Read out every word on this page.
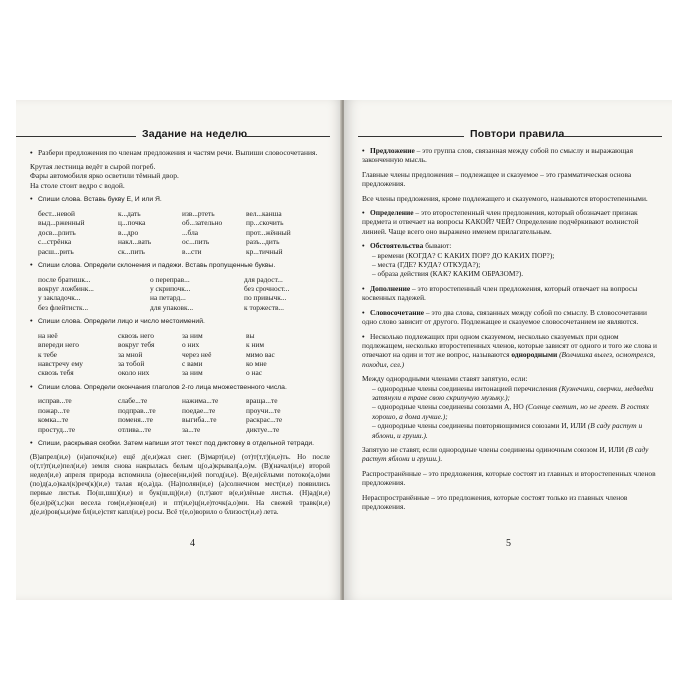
Задание на неделю
• Разбери предложения по членам предложения и частям речи. Выпиши словосочетания.
Крутая лестница ведёт в сырой погреб.
Фары автомобиля ярко осветили тёмный двор.
На столе стоит ведро с водой.
• Спиши слова. Вставь букву Е, И или Я.
бест...невой	к...дать	изв...ртеть	вел...канша
выд...рженный	ц...почка	об...зательно	пр...скочить
досв...рлить	в...дро	...бла	прот...жённый
с...стрёнка	накл...вать	ос...пить	разъ...дить
расш...рить	ск...пить	в...сти	кр...тичный
• Спиши слова. Определи склонения и падежи. Вставь пропущенные буквы.
после братишк...	о переправ...	для радост...
вокруг ложбинк...	у скрипочк...	без срочност...
у закладочк...	на петард...	по привычк...
без флейтистк...	для упаковк...	к торжеств...
• Спиши слова. Определи лицо и число местоимений.
на неё	сквозь него	за ним	вы
впереди него	вокруг тебя	о них	к ним
к тебе	за мной	через неё	мимо вас
навстречу ему	за тобой	с вами	ко мне
сквозь тебя	около них	за ним	о нас
• Спиши слова. Определи окончания глаголов 2-го лица множественного числа.
исправ...те	слабе...те	нажима...те	враща...те
пожар...те	подправ...те	поедае...те	проучи...те
комка...те	поменя...те	выгиба...те	раскрас...те
простуд...те	отлива...те	за...те	диктуе...те
• Спиши, раскрывая скобки. Затем напиши этот текст под диктовку в отдельной тетради.
(В)апрел(и,е) (н)апочк(и,е) ещё д(е,и)жал снег. (В)март(и,е) (от)т(т,т)(и,е)ть. Но после о(т,т)т(и,е)пел(и,е) земля снова накрылась белым ц(о,а)крывал(а,о)м. (В)(начал(и,е) второй недел(и,е) апреля природа вспомнила (о)весе(нн,н)ей погод(и,е). В(е,и)сёлыми потоко(а,о)ми (по)д(а,о)кал(к)реч(к)(и,е) талая в(о,а)да. (На)полян(и,е) (а)солнечном мест(и,е) появились первые листья. По(ш,шш)(и,е) и бук(ш,щ)(и,е) (п,т)ают в(е,и)лёные листья. (Н)ад(и,е) б(е,и)рё(з,с)ки весела гом(и,е)нов(е,и) и пт(и,е)ц(и,е)точк(а,о)ми. На свежей травк(и,е) д(е,и)ров(ы,и)ме бл(и,е)стят капл(и,е) росы. Всё т(е,о)ворило о близост(и,е) лета.
4
Повтори правила

• Предложение – это группа слов, связанная между собой по смыслу и выражающая законченную мысль.

Главные члены предложения – подлежащее и сказуемое – это грамматическая основа предложения.

Все члены предложения, кроме подлежащего и сказуемого, называются второстепенными.

• Определение – это второстепенный член предложения, который обозначает признак предмета и отвечает на вопросы КАКОЙ? ЧЕЙ? Определение подчёркивают волнистой линией. Чаще всего оно выражено именем прилагательным.

• Обстоятельства бывают:

– времени (КОГДА? С КАКИХ ПОР? ДО КАКИХ ПОР?);
– места (ГДЕ? КУДА? ОТКУДА?);
– образа действия (КАК? КАКИМ ОБРАЗОМ?).

• Дополнение – это второстепенный член предложения, который отвечает на вопросы косвенных падежей.

• Словосочетание – это два слова, связанных между собой по смыслу. В словосочетании одно слово зависит от другого. Подлежащее и сказуемое словосочетанием не являются.

• Несколько подлежащих при одном сказуемом, несколько сказуемых при одном подлежащем, несколько второстепенных членов, которые зависят от одного и того же слова и отвечают на один и тот же вопрос, называются однородными (Волчишка вылез, осмотрелся, походил, сел.)

Между однородными членами ставят запятую, если:

– однородные члены соединены интонацией перечисления (Кузнечики, сверчки, медведки затянули в траве свою скрипучую музыку.);
– однородные члены соединены союзами А, НО (Солнце светит, но не греет. В гостях хорошо, а дома лучше.);
– однородные члены соединены повторяющимися союзами И, ИЛИ (В саду растут и яблони, и груши.).

Запятую не ставят, если однородные члены соединены одиночным союзом И, ИЛИ (В саду растут яблони и груши.).

Распространённые – это предложения, которые состоят из главных и второстепенных членов предложения.

Нераспространённые – это предложения, которые состоят только из главных членов предложения.

5
